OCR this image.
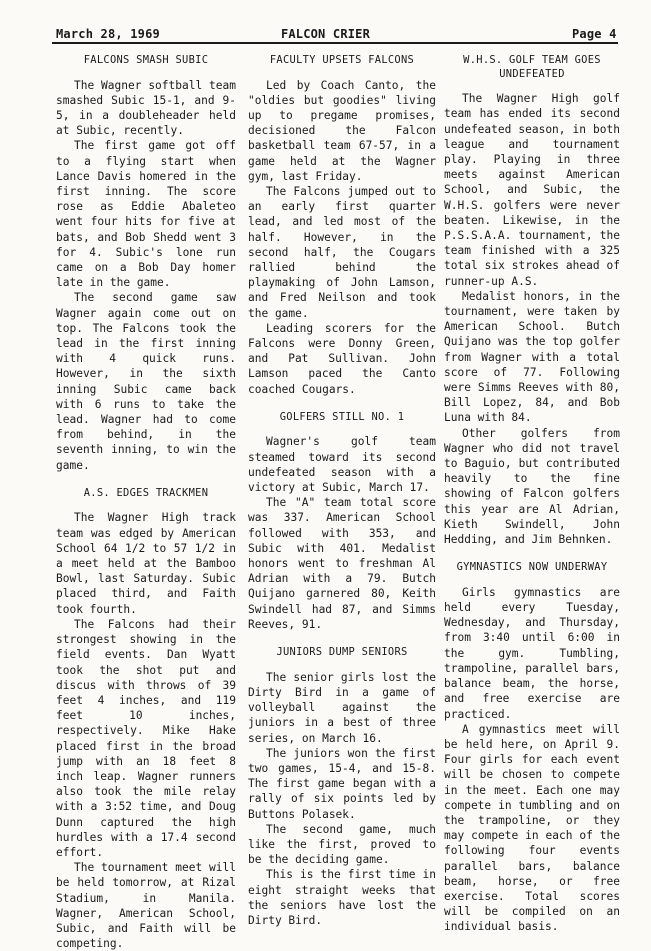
March 28, 1969	FALCON CRIER	Page 4
FALCONS SMASH SUBIC

The Wagner softball team smashed Subic 15-1, and 9-5, in a doubleheader held at Subic, recently.

The first game got off to a flying start when Lance Davis homered in the first inning. The score rose as Eddie Abaleteo went four hits for five at bats, and Bob Shedd went 3 for 4. Subic's lone run came on a Bob Day homer late in the game.

The second game saw Wagner again come out on top. The Falcons took the lead in the first inning with 4 quick runs. However, in the sixth inning Subic came back with 6 runs to take the lead. Wagner had to come from behind, in the seventh inning, to win the game.

A.S. EDGES TRACKMEN

The Wagner High track team was edged by American School 64 1/2 to 57 1/2 in a meet held at the Bamboo Bowl, last Saturday. Subic placed third, and Faith took fourth.

The Falcons had their strongest showing in the field events. Dan Wyatt took the shot put and discus with throws of 39 feet 4 inches, and 119 feet 10 inches, respectively. Mike Hake placed first in the broad jump with an 18 feet 8 inch leap. Wagner runners also took the mile relay with a 3:52 time, and Doug Dunn captured the high hurdles with a 17.4 second effort.

The tournament meet will be held tomorrow, at Rizal Stadium, in Manila. Wagner, American School, Subic, and Faith will be competing.

FACULTY UPSETS FALCONS

Led by Coach Canto, the "oldies but goodies" living up to pregame promises, decisioned the Falcon basketball team 67-57, in a game held at the Wagner gym, last Friday.

The Falcons jumped out to an early first quarter lead, and led most of the half. However, in the second half, the Cougars rallied behind the playmaking of John Lamson, and Fred Neilson and took the game.

Leading scorers for the Falcons were Donny Green, and Pat Sullivan. John Lamson paced the Canto coached Cougars.

GOLFERS STILL NO. 1

Wagner's golf team steamed toward its second undefeated season with a victory at Subic, March 17.

The "A" team total score was 337. American School followed with 353, and Subic with 401. Medalist honors went to freshman Al Adrian with a 79. Butch Quijano garnered 80, Keith Swindell had 87, and Simms Reeves, 91.

JUNIORS DUMP SENIORS

The senior girls lost the Dirty Bird in a game of volleyball against the juniors in a best of three series, on March 16.

The juniors won the first two games, 15-4, and 15-8. The first game began with a rally of six points led by Buttons Polasek.

The second game, much like the first, proved to be the deciding game.

This is the first time in eight straight weeks that the seniors have lost the Dirty Bird.

W.H.S. GOLF TEAM GOES UNDEFEATED

The Wagner High golf team has ended its second undefeated season, in both league and tournament play. Playing in three meets against American School, and Subic, the W.H.S. golfers were never beaten. Likewise, in the P.S.S.A.A. tournament, the team finished with a 325 total six strokes ahead of runner-up A.S.

Medalist honors, in the tournament, were taken by American School. Butch Quijano was the top golfer from Wagner with a total score of 77. Following were Simms Reeves with 80, Bill Lopez, 84, and Bob Luna with 84.

Other golfers from Wagner who did not travel to Baguio, but contributed heavily to the fine showing of Falcon golfers this year are Al Adrian, Kieth Swindell, John Hedding, and Jim Behnken.

GYMNASTICS NOW UNDERWAY

Girls gymnastics are held every Tuesday, Wednesday, and Thursday, from 3:40 until 6:00 in the gym. Tumbling, trampoline, parallel bars, balance beam, the horse, and free exercise are practiced.

A gymnastics meet will be held here, on April 9. Four girls for each event will be chosen to compete in the meet. Each one may compete in tumbling and on the trampoline, or they may compete in each of the following four events parallel bars, balance beam, horse, or free exercise. Total scores will be compiled on an individual basis.
